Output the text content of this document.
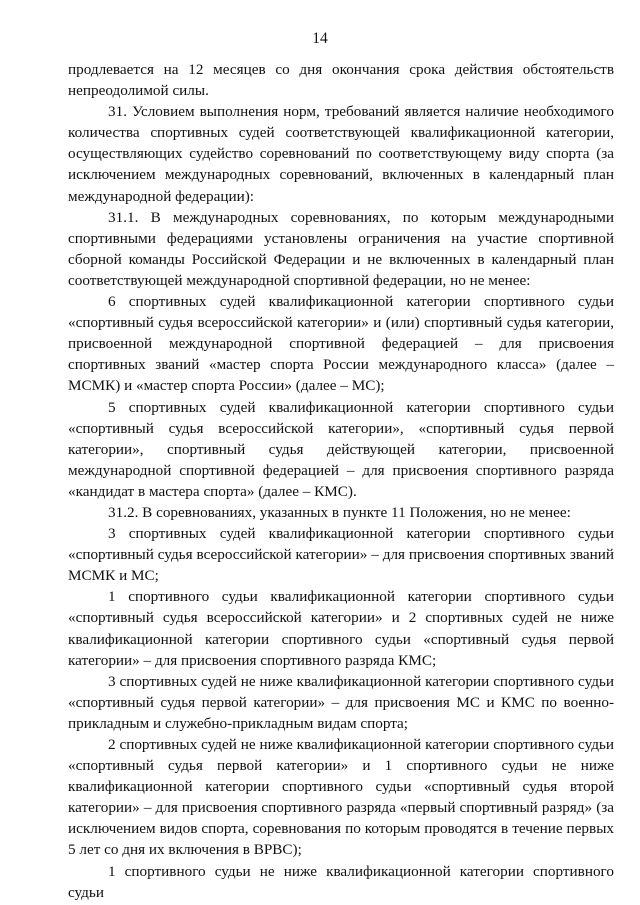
14

продлевается на 12 месяцев со дня окончания срока действия обстоятельств непреодолимой силы.

31. Условием выполнения норм, требований является наличие необходимого количества спортивных судей соответствующей квалификационной категории, осуществляющих судейство соревнований по соответствующему виду спорта (за исключением международных соревнований, включенных в календарный план международной федерации):

31.1. В международных соревнованиях, по которым международными спортивными федерациями установлены ограничения на участие спортивной сборной команды Российской Федерации и не включенных в календарный план соответствующей международной спортивной федерации, но не менее:

6 спортивных судей квалификационной категории спортивного судьи «спортивный судья всероссийской категории» и (или) спортивный судья категории, присвоенной международной спортивной федерацией – для присвоения спортивных званий «мастер спорта России международного класса» (далее – МСМК) и «мастер спорта России» (далее – МС);

5 спортивных судей квалификационной категории спортивного судьи «спортивный судья всероссийской категории», «спортивный судья первой категории», спортивный судья действующей категории, присвоенной международной спортивной федерацией – для присвоения спортивного разряда «кандидат в мастера спорта» (далее – КМС).

31.2. В соревнованиях, указанных в пункте 11 Положения, но не менее:

3 спортивных судей квалификационной категории спортивного судьи «спортивный судья всероссийской категории» – для присвоения спортивных званий МСМК и МС;

1 спортивного судьи квалификационной категории спортивного судьи «спортивный судья всероссийской категории» и 2 спортивных судей не ниже квалификационной категории спортивного судьи «спортивный судья первой категории» – для присвоения спортивного разряда КМС;

3 спортивных судей не ниже квалификационной категории спортивного судьи «спортивный судья первой категории» – для присвоения МС и КМС по военно-прикладным и служебно-прикладным видам спорта;

2 спортивных судей не ниже квалификационной категории спортивного судьи «спортивный судья первой категории» и 1 спортивного судьи не ниже квалификационной категории спортивного судьи «спортивный судья второй категории» – для присвоения спортивного разряда «первый спортивный разряд» (за исключением видов спорта, соревнования по которым проводятся в течение первых 5 лет со дня их включения в ВРВС);

1 спортивного судьи не ниже квалификационной категории спортивного судьи
